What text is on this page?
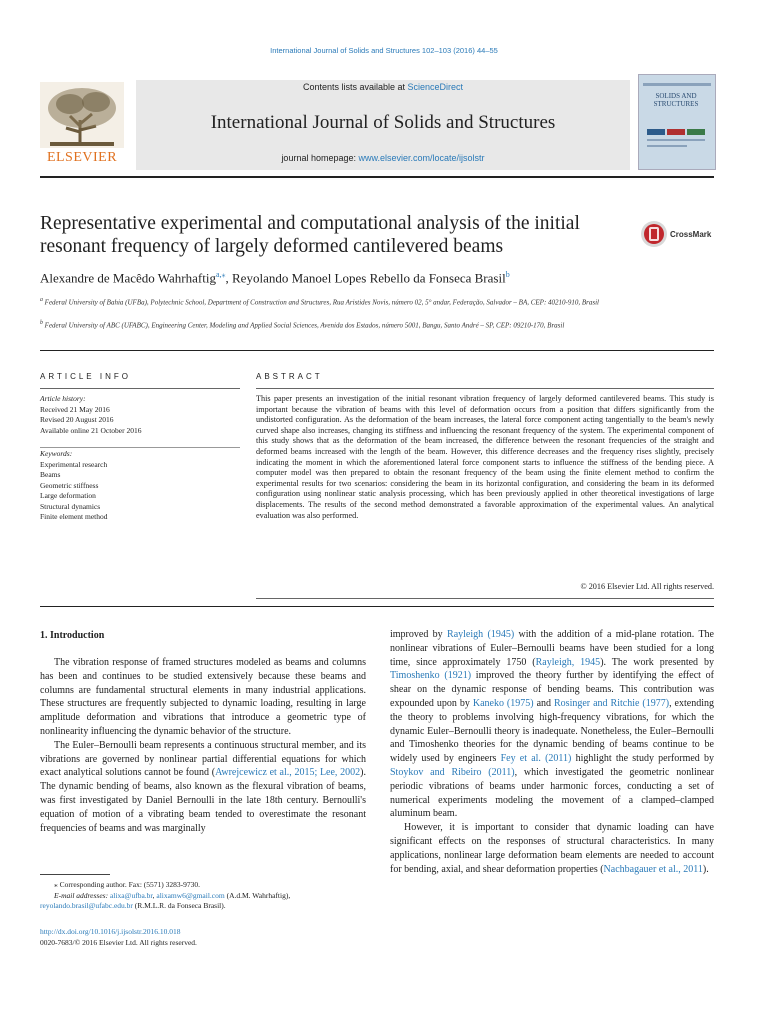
International Journal of Solids and Structures 102–103 (2016) 44–55
ELSEVIER
Contents lists available at ScienceDirect
International Journal of Solids and Structures
journal homepage: www.elsevier.com/locate/ijsolstr
SOLIDS AND STRUCTURES
Representative experimental and computational analysis of the initial resonant frequency of largely deformed cantilevered beams
CrossMark
Alexandre de Macêdo Wahrhaftig$^{a,⁎}$, Reyolando Manoel Lopes Rebello da Fonseca Brasil$^b$
$^a$ Federal University of Bahia (UFBa), Polytechnic School, Department of Construction and Structures, Rua Aristides Novis, número 02, 5° andar, Federação, Salvador – BA, CEP: 40210-910, Brasil
$^b$ Federal University of ABC (UFABC), Engineering Center, Modeling and Applied Social Sciences, Avenida dos Estados, número 5001, Bangu, Santo André – SP, CEP: 09210-170, Brasil
ARTICLE INFO
Article history:
Received 21 May 2016
Revised 20 August 2016
Available online 21 October 2016
Keywords:
Experimental research
Beams
Geometric stiffness
Large deformation
Structural dynamics
Finite element method
ABSTRACT
This paper presents an investigation of the initial resonant vibration frequency of largely deformed cantilevered beams. This study is important because the vibration of beams with this level of deformation occurs from a position that differs significantly from the undistorted configuration. As the deformation of the beam increases, the lateral force component acting tangentially to the beam's newly curved shape also increases, changing its stiffness and influencing the resonant frequency of the system. The experimental component of this study shows that as the deformation of the beam increased, the difference between the resonant frequencies of the straight and deformed beams increased with the length of the beam. However, this difference decreases and the frequency rises slightly, precisely indicating the moment in which the aforementioned lateral force component starts to influence the stiffness of the bending piece. A computer model was then prepared to obtain the resonant frequency of the beam using the finite element method to confirm the experimental results for two scenarios: considering the beam in its horizontal configuration, and considering the beam in its deformed configuration using nonlinear static analysis processing, which has been previously applied in other theoretical investigations of large displacements. The results of the second method demonstrated a favorable approximation of the experimental values. An analytical evaluation was also performed.
© 2016 Elsevier Ltd. All rights reserved.
1. Introduction

The vibration response of framed structures modeled as beams and columns has been and continues to be studied extensively because these beams and columns are fundamental structural elements in many industrial applications. These structures are frequently subjected to dynamic loading, resulting in large amplitude deformation and vibrations that introduce a geometric type of nonlinearity influencing the dynamic behavior of the structure.

The Euler–Bernoulli beam represents a continuous structural member, and its vibrations are governed by nonlinear partial differential equations for which exact analytical solutions cannot be found (Awrejcewicz et al., 2015; Lee, 2002). The dynamic bending of beams, also known as the flexural vibration of beams, was first investigated by Daniel Bernoulli in the late 18th century. Bernoulli's equation of motion of a vibrating beam tended to overestimate the resonant frequencies of beams and was marginally

improved by Rayleigh (1945) with the addition of a mid-plane rotation. The nonlinear vibrations of Euler–Bernoulli beams have been studied for a long time, since approximately 1750 (Rayleigh, 1945). The work presented by Timoshenko (1921) improved the theory further by identifying the effect of shear on the dynamic response of bending beams. This contribution was expounded upon by Kaneko (1975) and Rosinger and Ritchie (1977), extending the theory to problems involving high-frequency vibrations, for which the dynamic Euler–Bernoulli theory is inadequate. Nonetheless, the Euler–Bernoulli and Timoshenko theories for the dynamic bending of beams continue to be widely used by engineers Fey et al. (2011) highlight the study performed by Stoykov and Ribeiro (2011), which investigated the geometric nonlinear periodic vibrations of beams under harmonic forces, conducting a set of numerical experiments modeling the movement of a clamped–clamped aluminum beam.

However, it is important to consider that dynamic loading can have significant effects on the responses of structural characteristics. In many applications, nonlinear large deformation beam elements are needed to account for bending, axial, and shear deformation properties (Nachbagauer et al., 2011).

⁎ Corresponding author. Fax: (5571) 3283-9730.
E-mail addresses: alixa@ufba.br, alixamw6@gmail.com (A.d.M. Wahrhaftig),
reyolando.brasil@ufabc.edu.br (R.M.L.R. da Fonseca Brasil).
http://dx.doi.org/10.1016/j.ijsolstr.2016.10.018
0020-7683/© 2016 Elsevier Ltd. All rights reserved.
